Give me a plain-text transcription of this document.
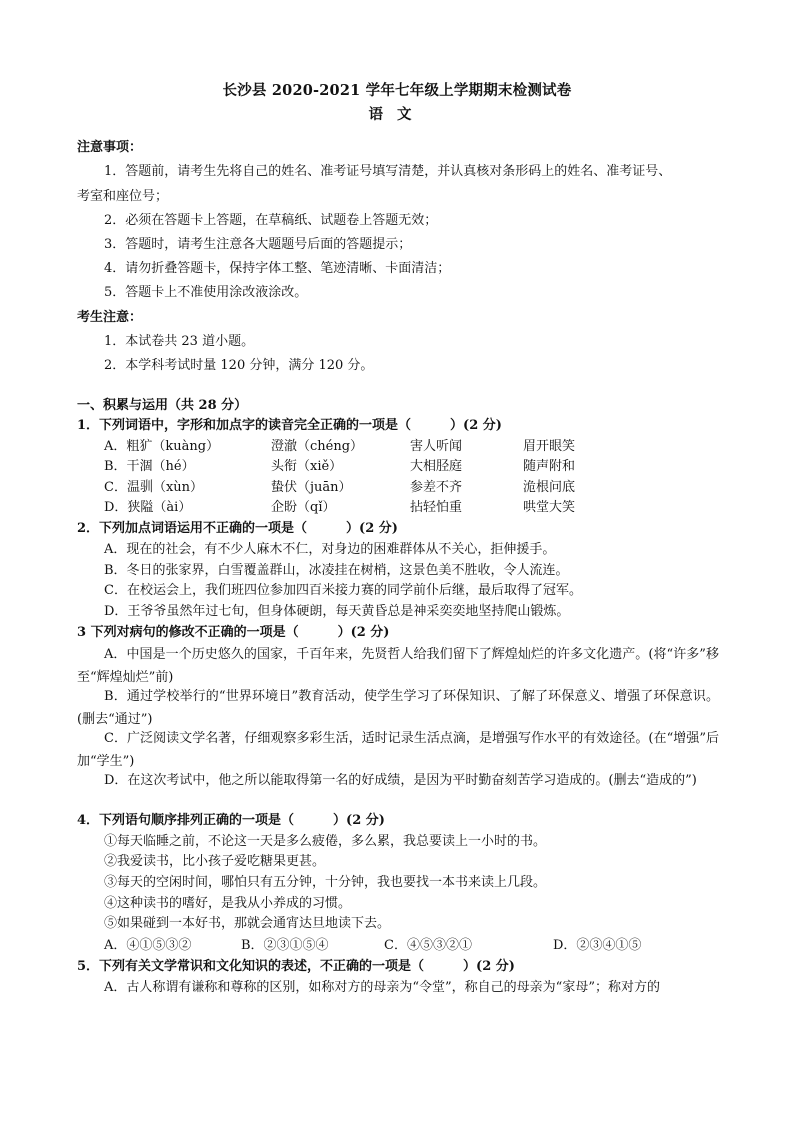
长沙县 2020-2021 学年七年级上学期期末检测试卷
语文
注意事项：
1．答题前，请考生先将自己的姓名、准考证号填写清楚，并认真核对条形码上的姓名、准考证号、
考室和座位号；
2．必须在答题卡上答题，在草稿纸、试题卷上答题无效；
3．答题时，请考生注意各大题题号后面的答题提示；
4．请勿折叠答题卡，保持字体工整、笔迹清晰、卡面清洁；
5．答题卡上不准使用涂改液涂改。
考生注意：
1．本试卷共 23 道小题。
2．本学科考试时量 120 分钟，满分 120 分。
一、积累与运用（共 28 分）
1．下列词语中，字形和加点字的读音完全正确的一项是（　　　）(2 分)
A．粗犷（kuàng）	澄澈（chéng）	害人听闻	眉开眼笑
B．干涸（hé）	头衔（xiě）	大相胫庭	随声附和
C．温驯（xùn）	蛰伏（juān）	参差不齐	洈根问底
D．狭隘（ài）	企盼（qǐ）	拈轻怕重	哄堂大笑
2．下列加点词语运用不正确的一项是（　　　）(2 分)
A．现在的社会，有不少人麻木不仁，对身边的困难群体从不关心，拒伸援手。
B．冬日的张家界，白雪覆盖群山，冰凌挂在树梢，这景色美不胜收，令人流连。
C．在校运会上，我们班四位参加四百米接力赛的同学前仆后继，最后取得了冠军。
D．王爷爷虽然年过七旬，但身体硬朗，每天黄昏总是神采奕奕地坚持爬山锻炼。
3 下列对病句的修改不正确的一项是（　　　）(2 分)
A．中国是一个历史悠久的国家，千百年来，先贤哲人给我们留下了辉煌灿烂的许多文化遗产。(将“许多”移至“辉煌灿烂”前)
B．通过学校举行的“世界环境日”教育活动，使学生学习了环保知识、了解了环保意义、增强了环保意识。(删去“通过”)
C．广泛阅读文学名著，仔细观察多彩生活，适时记录生活点滴，是增强写作水平的有效途径。(在“增强”后加“学生”)
D．在这次考试中，他之所以能取得第一名的好成绩，是因为平时勤奋刻苦学习造成的。(删去“造成的”)
4．下列语句顺序排列正确的一项是（　　　）(2 分)
①每天临睡之前，不论这一天是多么疲倦，多么累，我总要读上一小时的书。
②我爱读书，比小孩子爱吃糖果更甚。
③每天的空闲时间，哪怕只有五分钟，十分钟，我也要找一本书来读上几段。
④这种读书的嗜好，是我从小养成的习惯。
⑤如果碰到一本好书，那就会通宵达旦地读下去。
A．④①⑤③②	B．②③①⑤④	C．④⑤③②①	D．②③④①⑤
5．下列有关文学常识和文化知识的表述，不正确的一项是（　　　）(2 分)
A．古人称谓有谦称和尊称的区别，如称对方的母亲为“令堂”，称自己的母亲为“家母”；称对方的
